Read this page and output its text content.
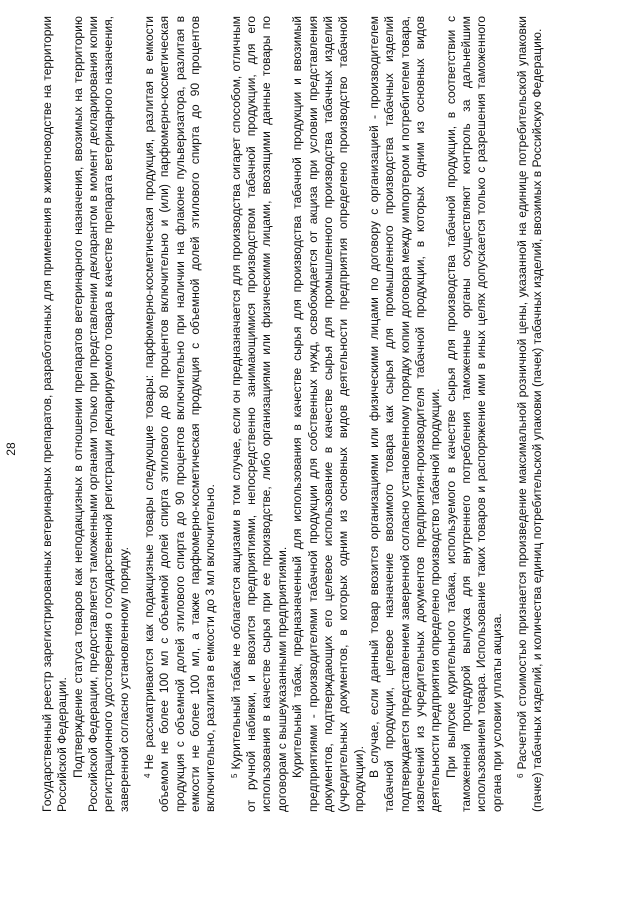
28 Государственный реестр зарегистрированных ветеринарных препаратов, разработанных для применения в животноводстве на территории Российской Федерации. Подтверждение статуса товаров как неподакцизных в отношении препаратов ветеринарного назначения, ввозимых на территорию Российской Федерации, предоставляется таможенными органами только при представлении декларантом в момент декларирования копии регистрационного удостоверения о государственной регистрации декларируемого товара в качестве препарата ветеринарного назначения, заверенной согласно установленному порядку.	$^4$Не рассматриваются как подакцизные товары следующие товары: парфюмерно-косметическая продукция, разлитая в емкости объемом не более 100 мл с объемной долей спирта этилового до 80 процентов включительно и (или) парфюмерно-косметическая продукция с объемной долей этилового спирта до 90 процентов включительно при наличии на флаконе пульверизатора, разлитая в емкости не более 100 мл, а также парфюмерно-косметическая продукция с объемной долей этилового спирта до 90 процентов включительно, разлитая в емкости до 3 мл включительно.	$^5$Курительный табак не облагается акцизами в том случае, если он предназначается для производства сигарет способом, отличным от ручной набивки, и ввозится предприятиями, непосредственно занимающимися производством табачной продукции, для его использования в качестве сырья при ее производстве, либо организациями или физическими лицами, ввозящими данные товары по договорам с вышеуказанными предприятиями. Курительный табак, предназначенный для использования в качестве сырья для производства табачной продукции и ввозимый предприятиями - производителями табачной продукции для собственных нужд, освобождается от акциза при условии представления документов, подтверждающих его целевое использование в качестве сырья для промышленного производства табачных изделий (учредительных документов, в которых одним из основных видов деятельности предприятия определено производство табачной продукции).

В случае, если данный товар ввозится организациями или физическими лицами по договору с организацией - производителем табачной продукции, целевое назначение ввозимого товара как сырья для промышленного производства табачных изделий подтверждается представлением заверенной согласно установленному порядку копии договора между импортером и потребителем товара, извлечений из учредительных документов предприятия-производителя табачной продукции, в которых одним из основных видов деятельности предприятия определено производство табачной продукции. При выпуске курительного табака, используемого в качестве сырья для производства табачной продукции, в соответствии с таможенной процедурой выпуска для внутреннего потребления таможенные органы осуществляют контроль за дальнейшим использованием товара. Использование таких товаров и распоряжение ими в иных целях допускается только с разрешения таможенного органа при условии уплаты акциза.	$^6$Расчетной стоимостью признается произведение максимальной розничной цены, указанной на единице потребительской упаковки (пачке) табачных изделий, и количества единиц потребительской упаковки (пачек) табачных изделий, ввозимых в Российскую Федерацию.
